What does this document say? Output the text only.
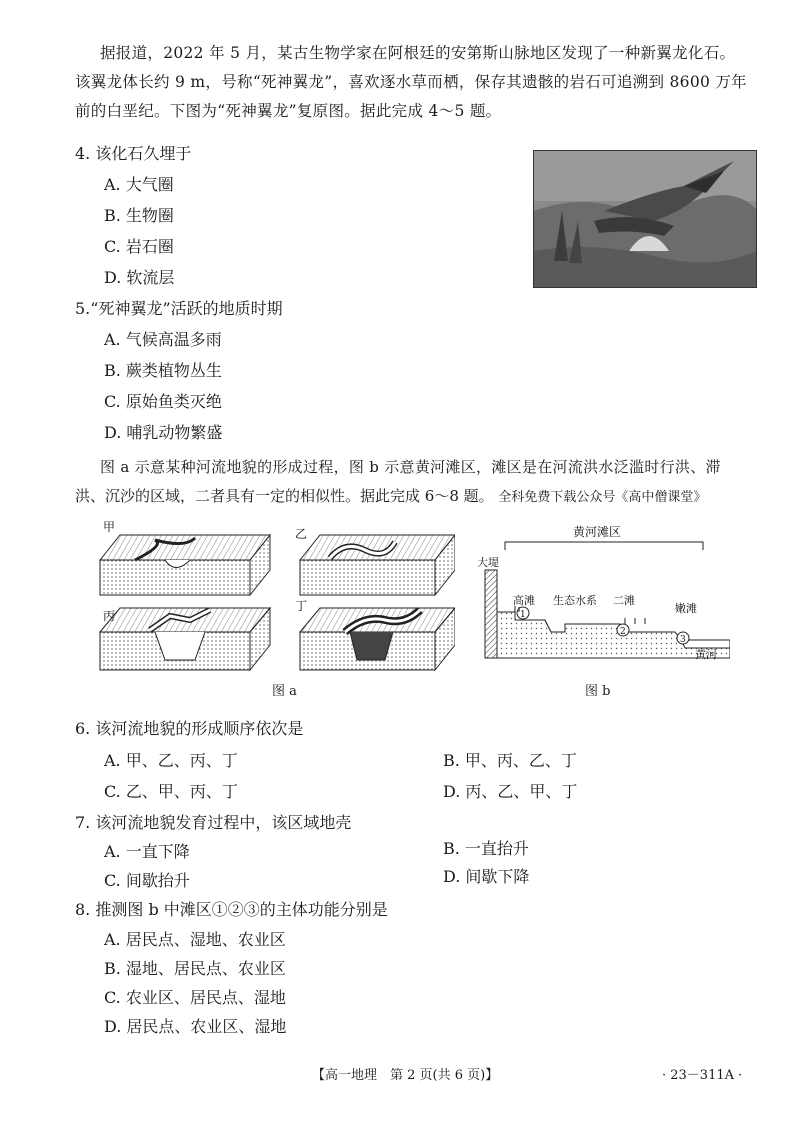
据报道，2022 年 5 月，某古生物学家在阿根廷的安第斯山脉地区发现了一种新翼龙化石。
该翼龙体长约 9 m，号称“死神翼龙”，喜欢逐水草而栖，保存其遗骸的岩石可追溯到 8600 万年
前的白垩纪。下图为“死神翼龙”复原图。据此完成 4～5 题。
4. 该化石久埋于
A. 大气圈
B. 生物圈
C. 岩石圈
D. 软流层
5.“死神翼龙”活跃的地质时期
A. 气候高温多雨
B. 蕨类植物丛生
C. 原始鱼类灭绝
D. 哺乳动物繁盛
图 a 示意某种河流地貌的形成过程，图 b 示意黄河滩区，滩区是在河流洪水泛滥时行洪、滞
洪、沉沙的区域，二者具有一定的相似性。据此完成 6～8 题。 全科免费下载公众号《高中僧课堂》
甲	乙
丙
丁
图 a
黄河滩区
大堤
1
2
3
高滩 生态水系 二滩
嫩滩
黄河
图 b
6. 该河流地貌的形成顺序依次是
A. 甲、乙、丙、丁	B. 甲、丙、乙、丁
C. 乙、甲、丙、丁	D. 丙、乙、甲、丁
7. 该河流地貌发育过程中，该区域地壳
A. 一直下降	B. 一直抬升
C. 间歇抬升	D. 间歇下降
8. 推测图 b 中滩区①②③的主体功能分别是
A. 居民点、湿地、农业区
B. 湿地、居民点、农业区
C. 农业区、居民点、湿地
D. 居民点、农业区、湿地
【高一地理　第 2 页(共 6 页)】	· 23－311A ·
